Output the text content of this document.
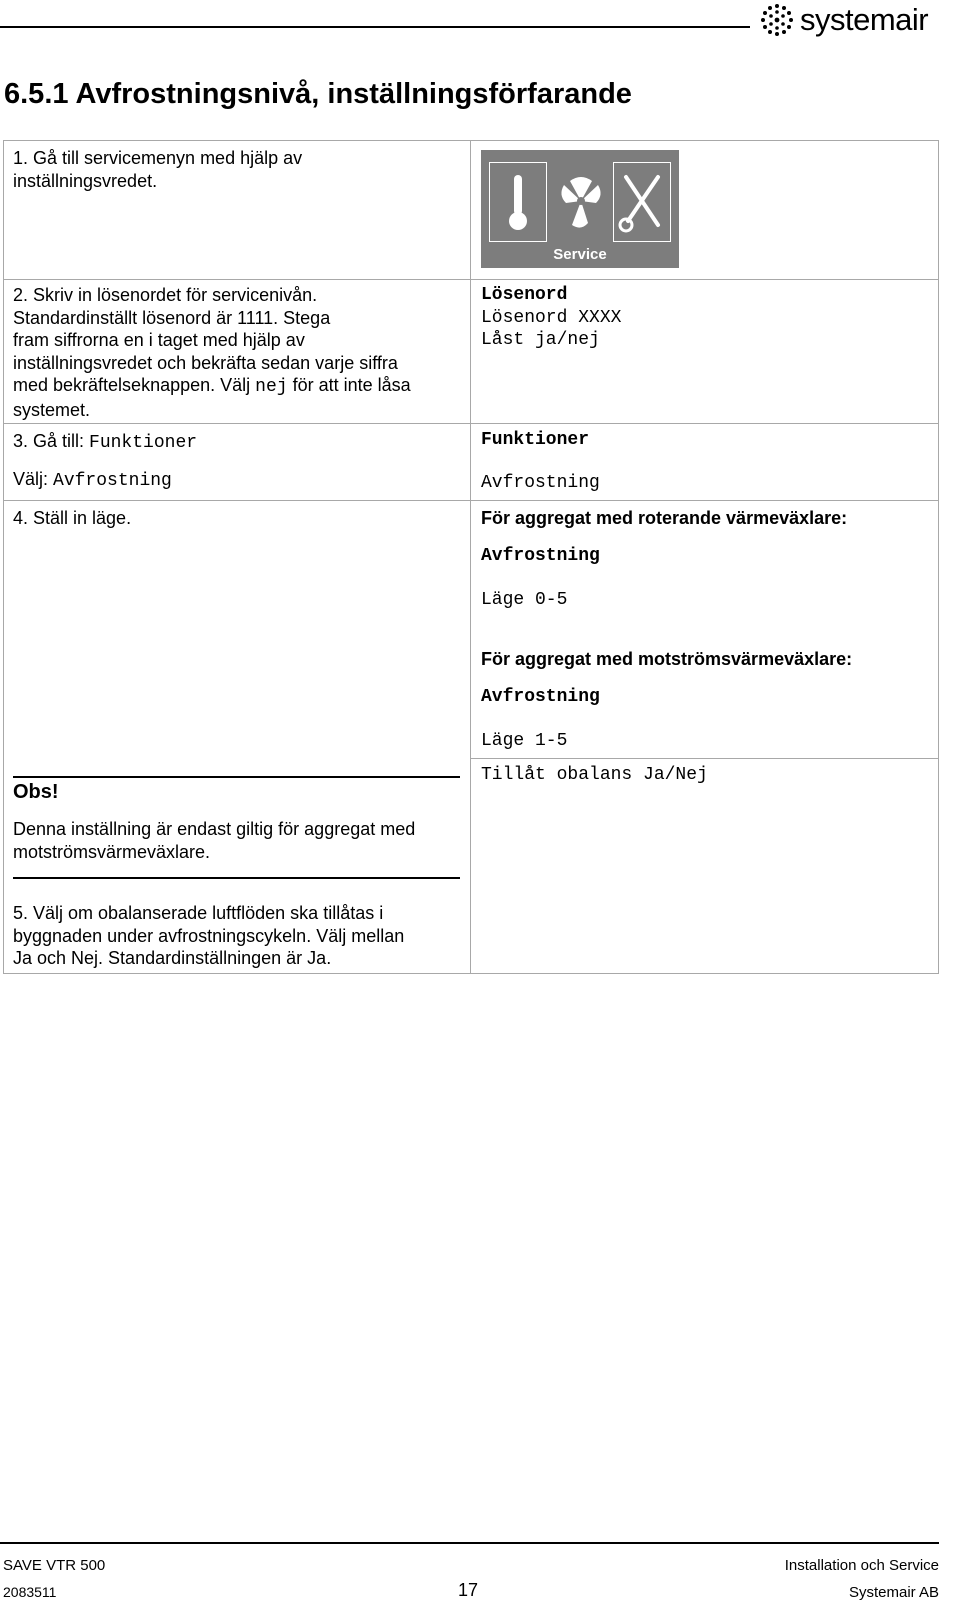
systemair
6.5.1 Avfrostningsnivå, inställningsförfarande
1. Gå till servicemenyn med hjälp av
inställningsvredet.
Service
2. Skriv in lösenordet för servicenivån.
Standardinställt lösenord är 1111. Stega
fram siffrorna en i taget med hjälp av
inställningsvredet och bekräfta sedan varje siffra
med bekräftelseknappen. Välj nej för att inte låsa
systemet.
Lösenord
Lösenord XXXX
Låst ja/nej
3. Gå till: Funktioner
Välj: Avfrostning
Funktioner
Avfrostning
4. Ställ in läge.	För aggregat med roterande värmeväxlare:
Avfrostning
Läge 0-5
För aggregat med motströmsvärmeväxlare:
Avfrostning
Läge 1-5
Tillåt obalans Ja/Nej
Obs!
Denna inställning är endast giltig för aggregat med
motströmsvärmeväxlare.
5. Välj om obalanserade luftflöden ska tillåtas i
byggnaden under avfrostningscykeln. Välj mellan
Ja och Nej. Standardinställningen är Ja.
SAVE VTR 500
2083511	17
Installation och Service
Systemair AB
